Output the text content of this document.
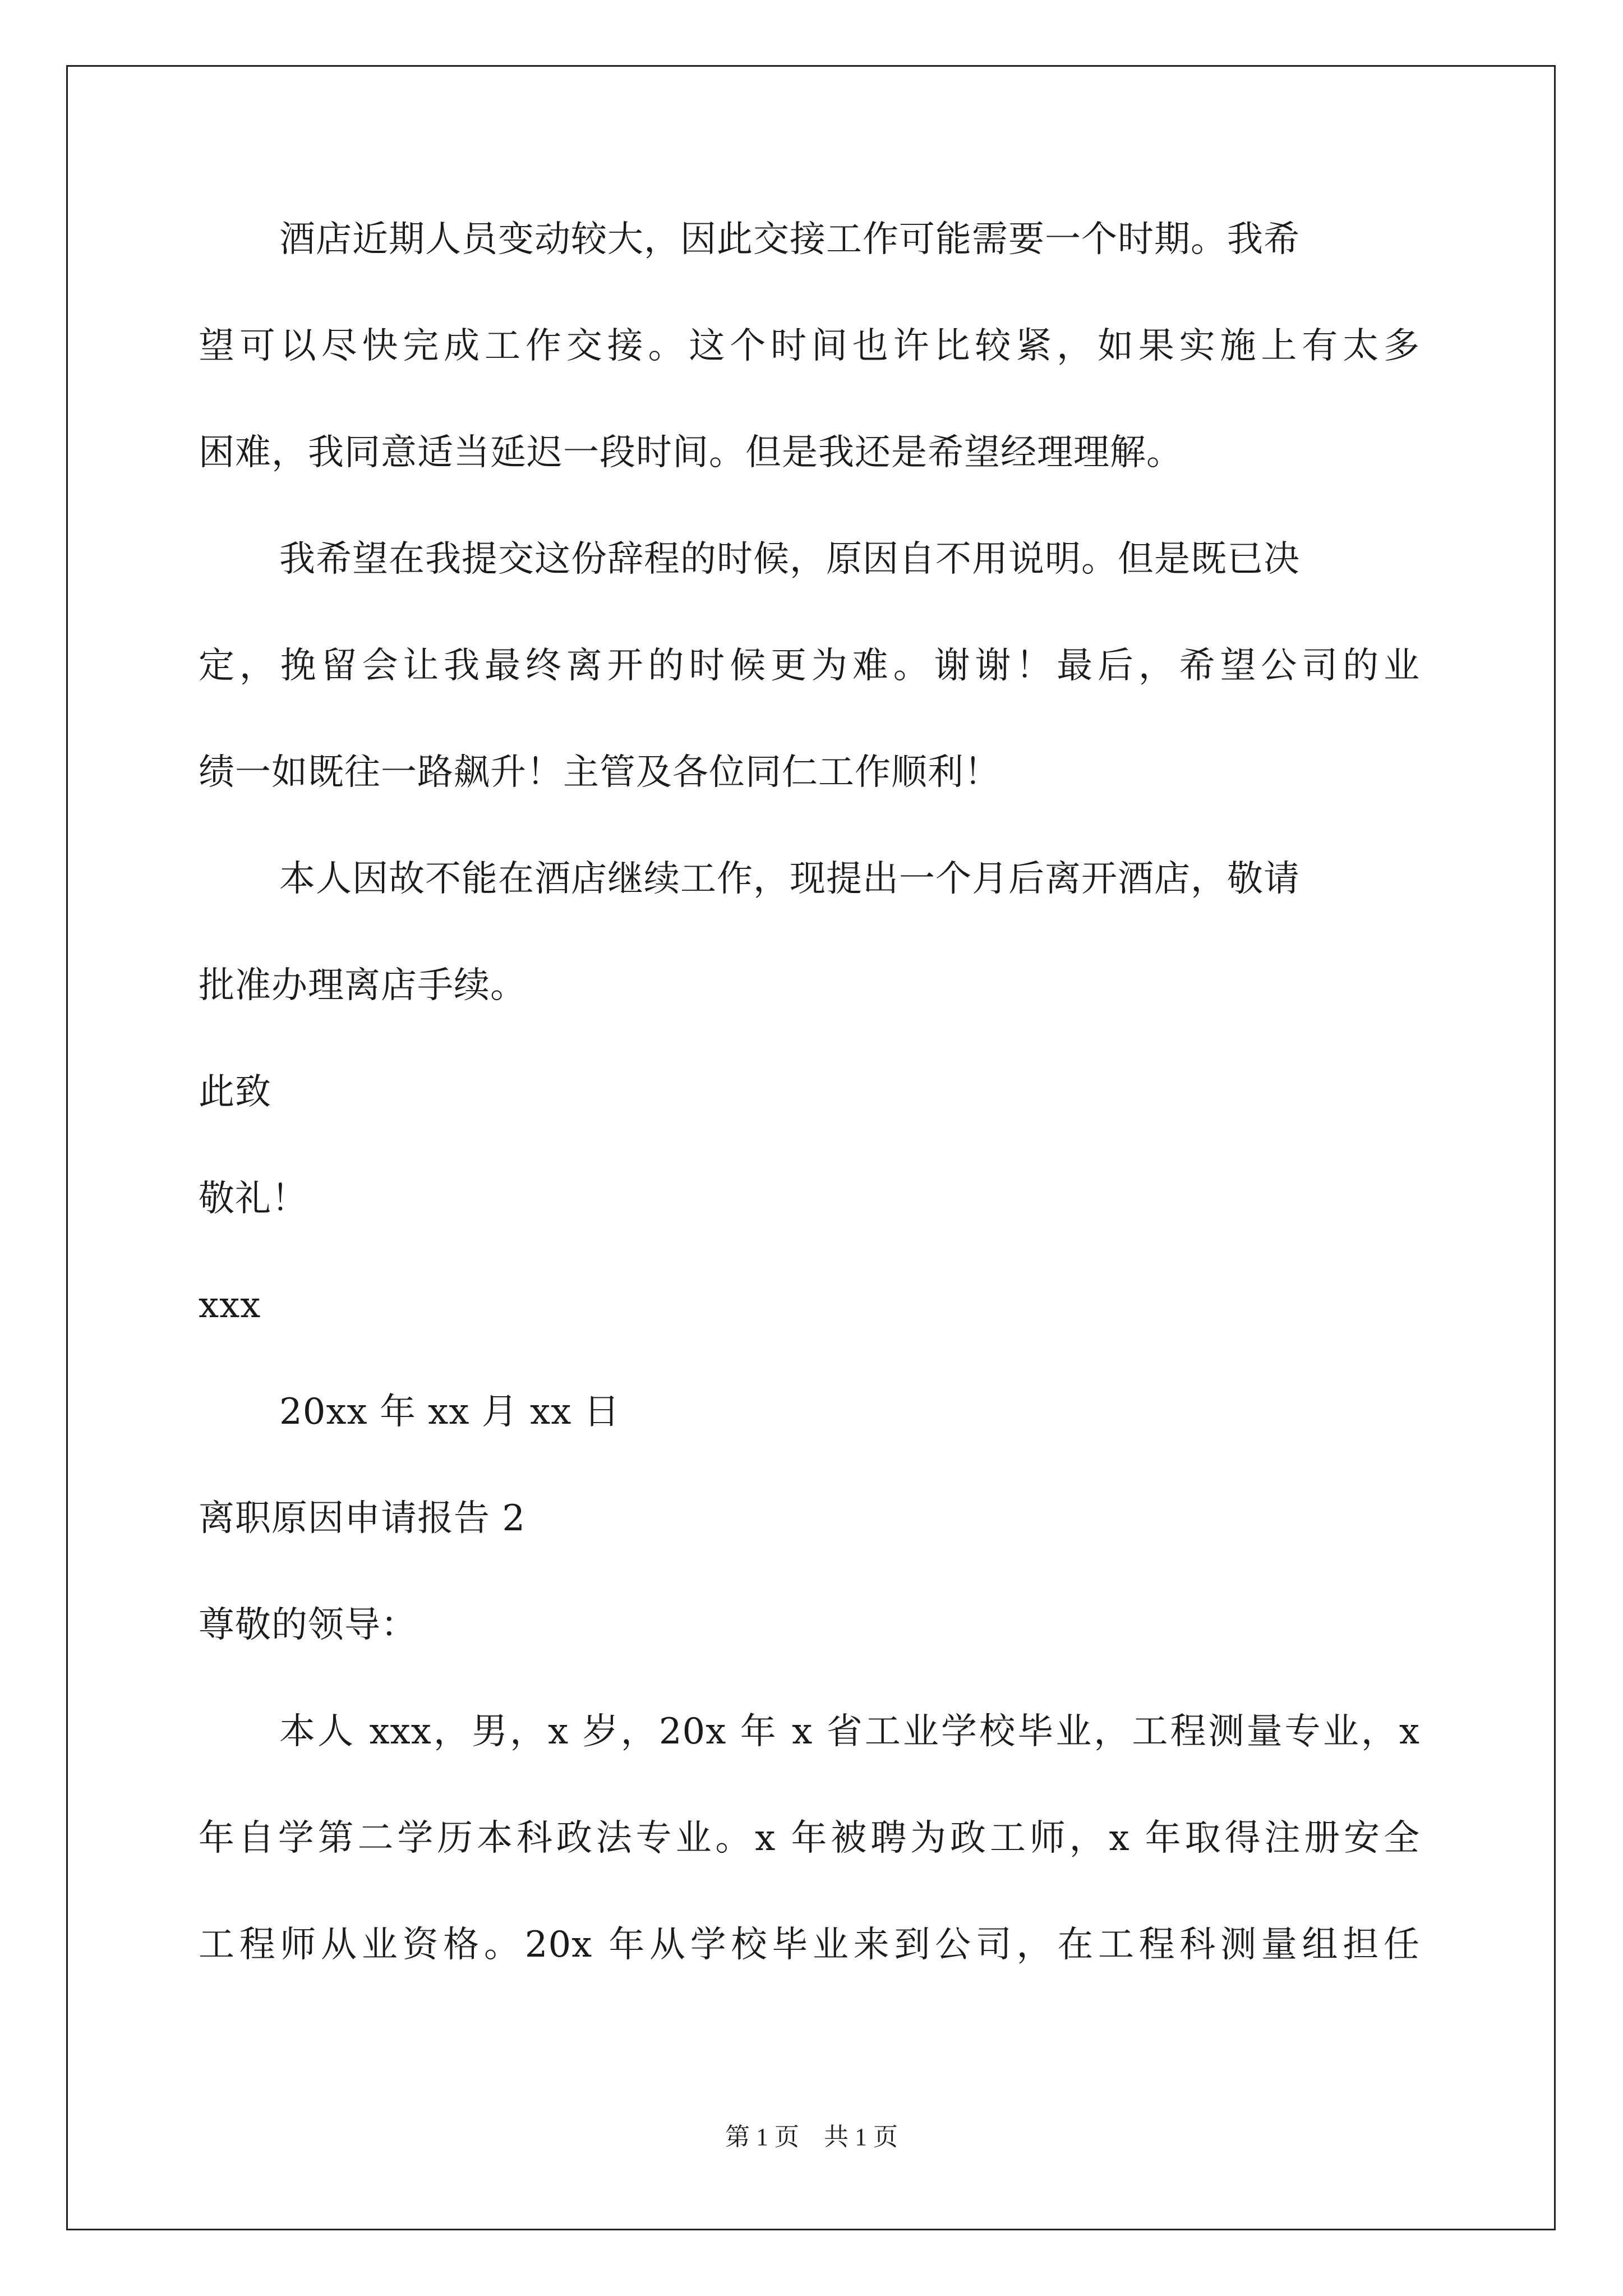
酒店近期人员变动较大，因此交接工作可能需要一个时期。我希
望可以尽快完成工作交接。这个时间也许比较紧，如果实施上有太多
困难，我同意适当延迟一段时间。但是我还是希望经理理解。
我希望在我提交这份辞程的时候，原因自不用说明。但是既已决
定，挽留会让我最终离开的时候更为难。谢谢！最后，希望公司的业
绩一如既往一路飙升！主管及各位同仁工作顺利！
本人因故不能在酒店继续工作，现提出一个月后离开酒店，敬请
批准办理离店手续。
此致
敬礼！
xxx
20xx 年 xx 月 xx 日
离职原因申请报告 2
尊敬的领导：
本人 xxx，男，x 岁，20x 年 x 省工业学校毕业，工程测量专业，x
年自学第二学历本科政法专业。x 年被聘为政工师，x 年取得注册安全
工程师从业资格。20x 年从学校毕业来到公司，在工程科测量组担任
第 1 页　共 1 页
